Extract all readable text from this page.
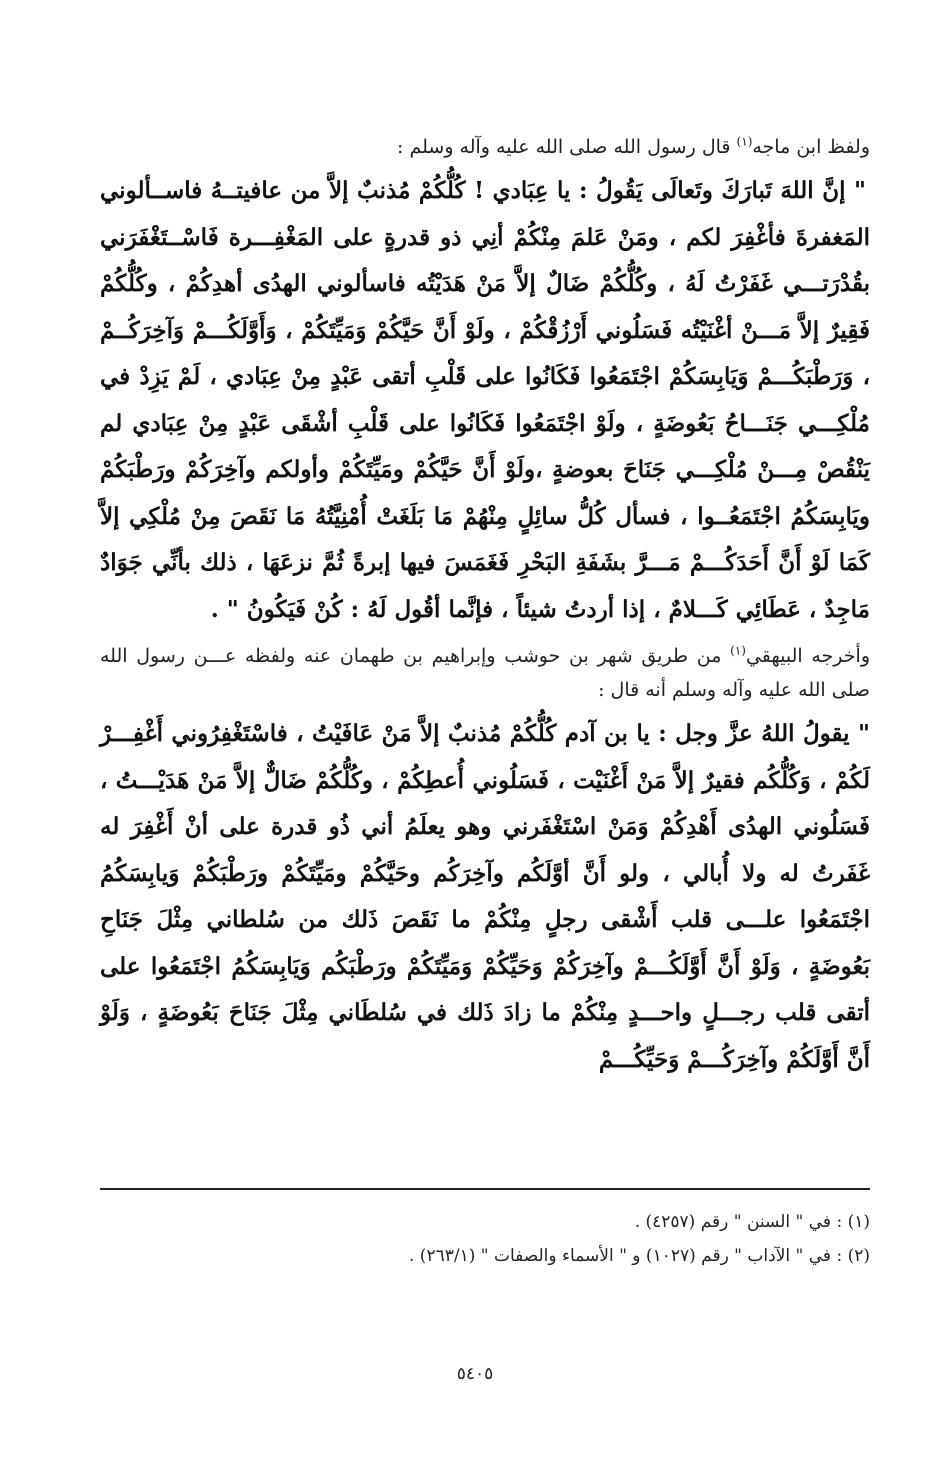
ولفظ ابن ماجه$^{(١)}$ قال رسول الله صلى الله عليه وآله وسلم :

" إنَّ اللهَ تَبارَكَ وتَعالَى يَقُولُ : يا عِبَادي ! كُلُّكُمْ مُذنبٌ إلاَّ من عافيتــهُ فاســألوني المَغفرةَ فأغْفِرَ لكم ، ومَنْ عَلمَ مِنْكُمْ أنِي ذو قدرةٍ على المَغْفِـــرة فَاسْــتَغْفَرَني بقُدْرَتـــي غَفَرْتُ لَهُ ، وكُلُّكُمْ ضَالٌ إلاَّ مَنْ هَدَيْتُه فاسألوني الهدُى أهدِكُمْ ، وكُلُّكُمْ فَقِيرٌ إلاَّ مَـــنْ أغْنَيْتُه فَسَلُوني أَرْزُقْكُمْ ، ولَوْ أَنَّ حَيَّكُمْ وَمَيِّتَكُمْ ، وَأَوَّلَكُـــمْ وَآخِرَكُــمْ ، وَرَطْبَكُـــمْ وَيَابِسَكُمْ اجْتَمَعُوا فَكَانُوا على قَلْبِ أتقى عَبْدٍ مِنْ عِبَادي ، لَمْ يَزِدْ في مُلْكِـــي جَنَـــاحُ بَعُوضَةٍ ، ولَوْ اجْتَمَعُوا فَكَانُوا على قَلْبِ أشْقَى عَبْدٍ مِنْ عِبَادي لم يَنْقُصْ مِـــنْ مُلْكِـــي جَنَاحَ بعوضةٍ ،ولَوْ أَنَّ حَيَّكُمْ ومَيِّتَكُمْ وأولكم وآخِرَكُمْ ورَطْبَكُمْ ويَابِسَكُمُ اجْتَمَعُــوا ، فسأل كُلُّ سائِلٍ مِنْهُمْ مَا بَلَغَتْ أُمْنِيَّتُهُ مَا نَقَصَ مِنْ مُلْكِي إلاَّ كَمَا لَوْ أَنَّ أَحَدَكُـــمْ مَـــرَّ بشَفَةِ البَحْرِ فَغَمَسَ فيها إبرةً ثُمَّ نزعَهَا ، ذلك بأنِّي جَوَادٌ مَاجِدٌ ، عَطَائِي كَـــلامٌ ، إذا أردتُ شيئاً ، فإنَّما أقُول لَهُ : كُنْ فَيَكُونُ " .

وأخرجه البيهقي$^{(١)}$ من طريق شهر بن حوشب وإبراهيم بن طهمان عنه ولفظه عـــن رسول الله صلى الله عليه وآله وسلم أنه قال :

" يقولُ اللهُ عزَّ وجل : يا بن آدم كُلُّكُمْ مُذنبٌ إلاَّ مَنْ عَافَيْتُ ، فاسْتَغْفِرُوني أَغْفِـــرْ لَكُمْ ، وَكُلُّكُم فقيرٌ إلاَّ مَنْ أَغْنَيْت ، فَسَلُوني أُعطِكُمْ ، وكُلُّكُمْ ضَالٌّ إلاَّ مَنْ هَدَيْـــتُ ، فَسَلُوني الهدُى أَهْدِكُمْ وَمَنْ اسْتَغْفَرني وهو يعلَمُ أني ذُو قدرة على أنْ أَغْفِرَ له غَفَرتُ له ولا أُبالي ، ولو أَنَّ أوَّلَكُم وآخِرَكُم وحَيَّكُمْ ومَيِّتَكُمْ ورَطْبَكُمْ وَيابِسَكُمُ اجْتَمَعُوا علـــى قلب أَشْقى رجلٍ مِنْكُمْ ما نَقَصَ ذَلك من سُلطاني مِثْلَ جَنَاحِ بَعُوضَةٍ ، وَلَوْ أَنَّ أَوَّلَكُـــمْ وآخِرَكُمْ وَحَيِّكُمْ وَمَيِّتَكُمْ ورَطْبَكُم وَيَابِسَكُمُ اجْتَمَعُوا على أتقى قلب رجـــلٍ واحـــدٍ مِنْكُمْ ما زادَ ذَلك في سُلطَاني مِثْلَ جَنَاحَ بَعُوضَةٍ ، وَلَوْ أَنَّ أَوَّلَكُمْ وآخِرَكُـــمْ وَحَيِّكُـــمْ

(١) : في " السنن " رقم (٤٢٥٧) .
(٢) : في " الآداب " رقم (١٠٢٧) و " الأسماء والصفات " (٢٦٣/١) .
٥٤٠٥
